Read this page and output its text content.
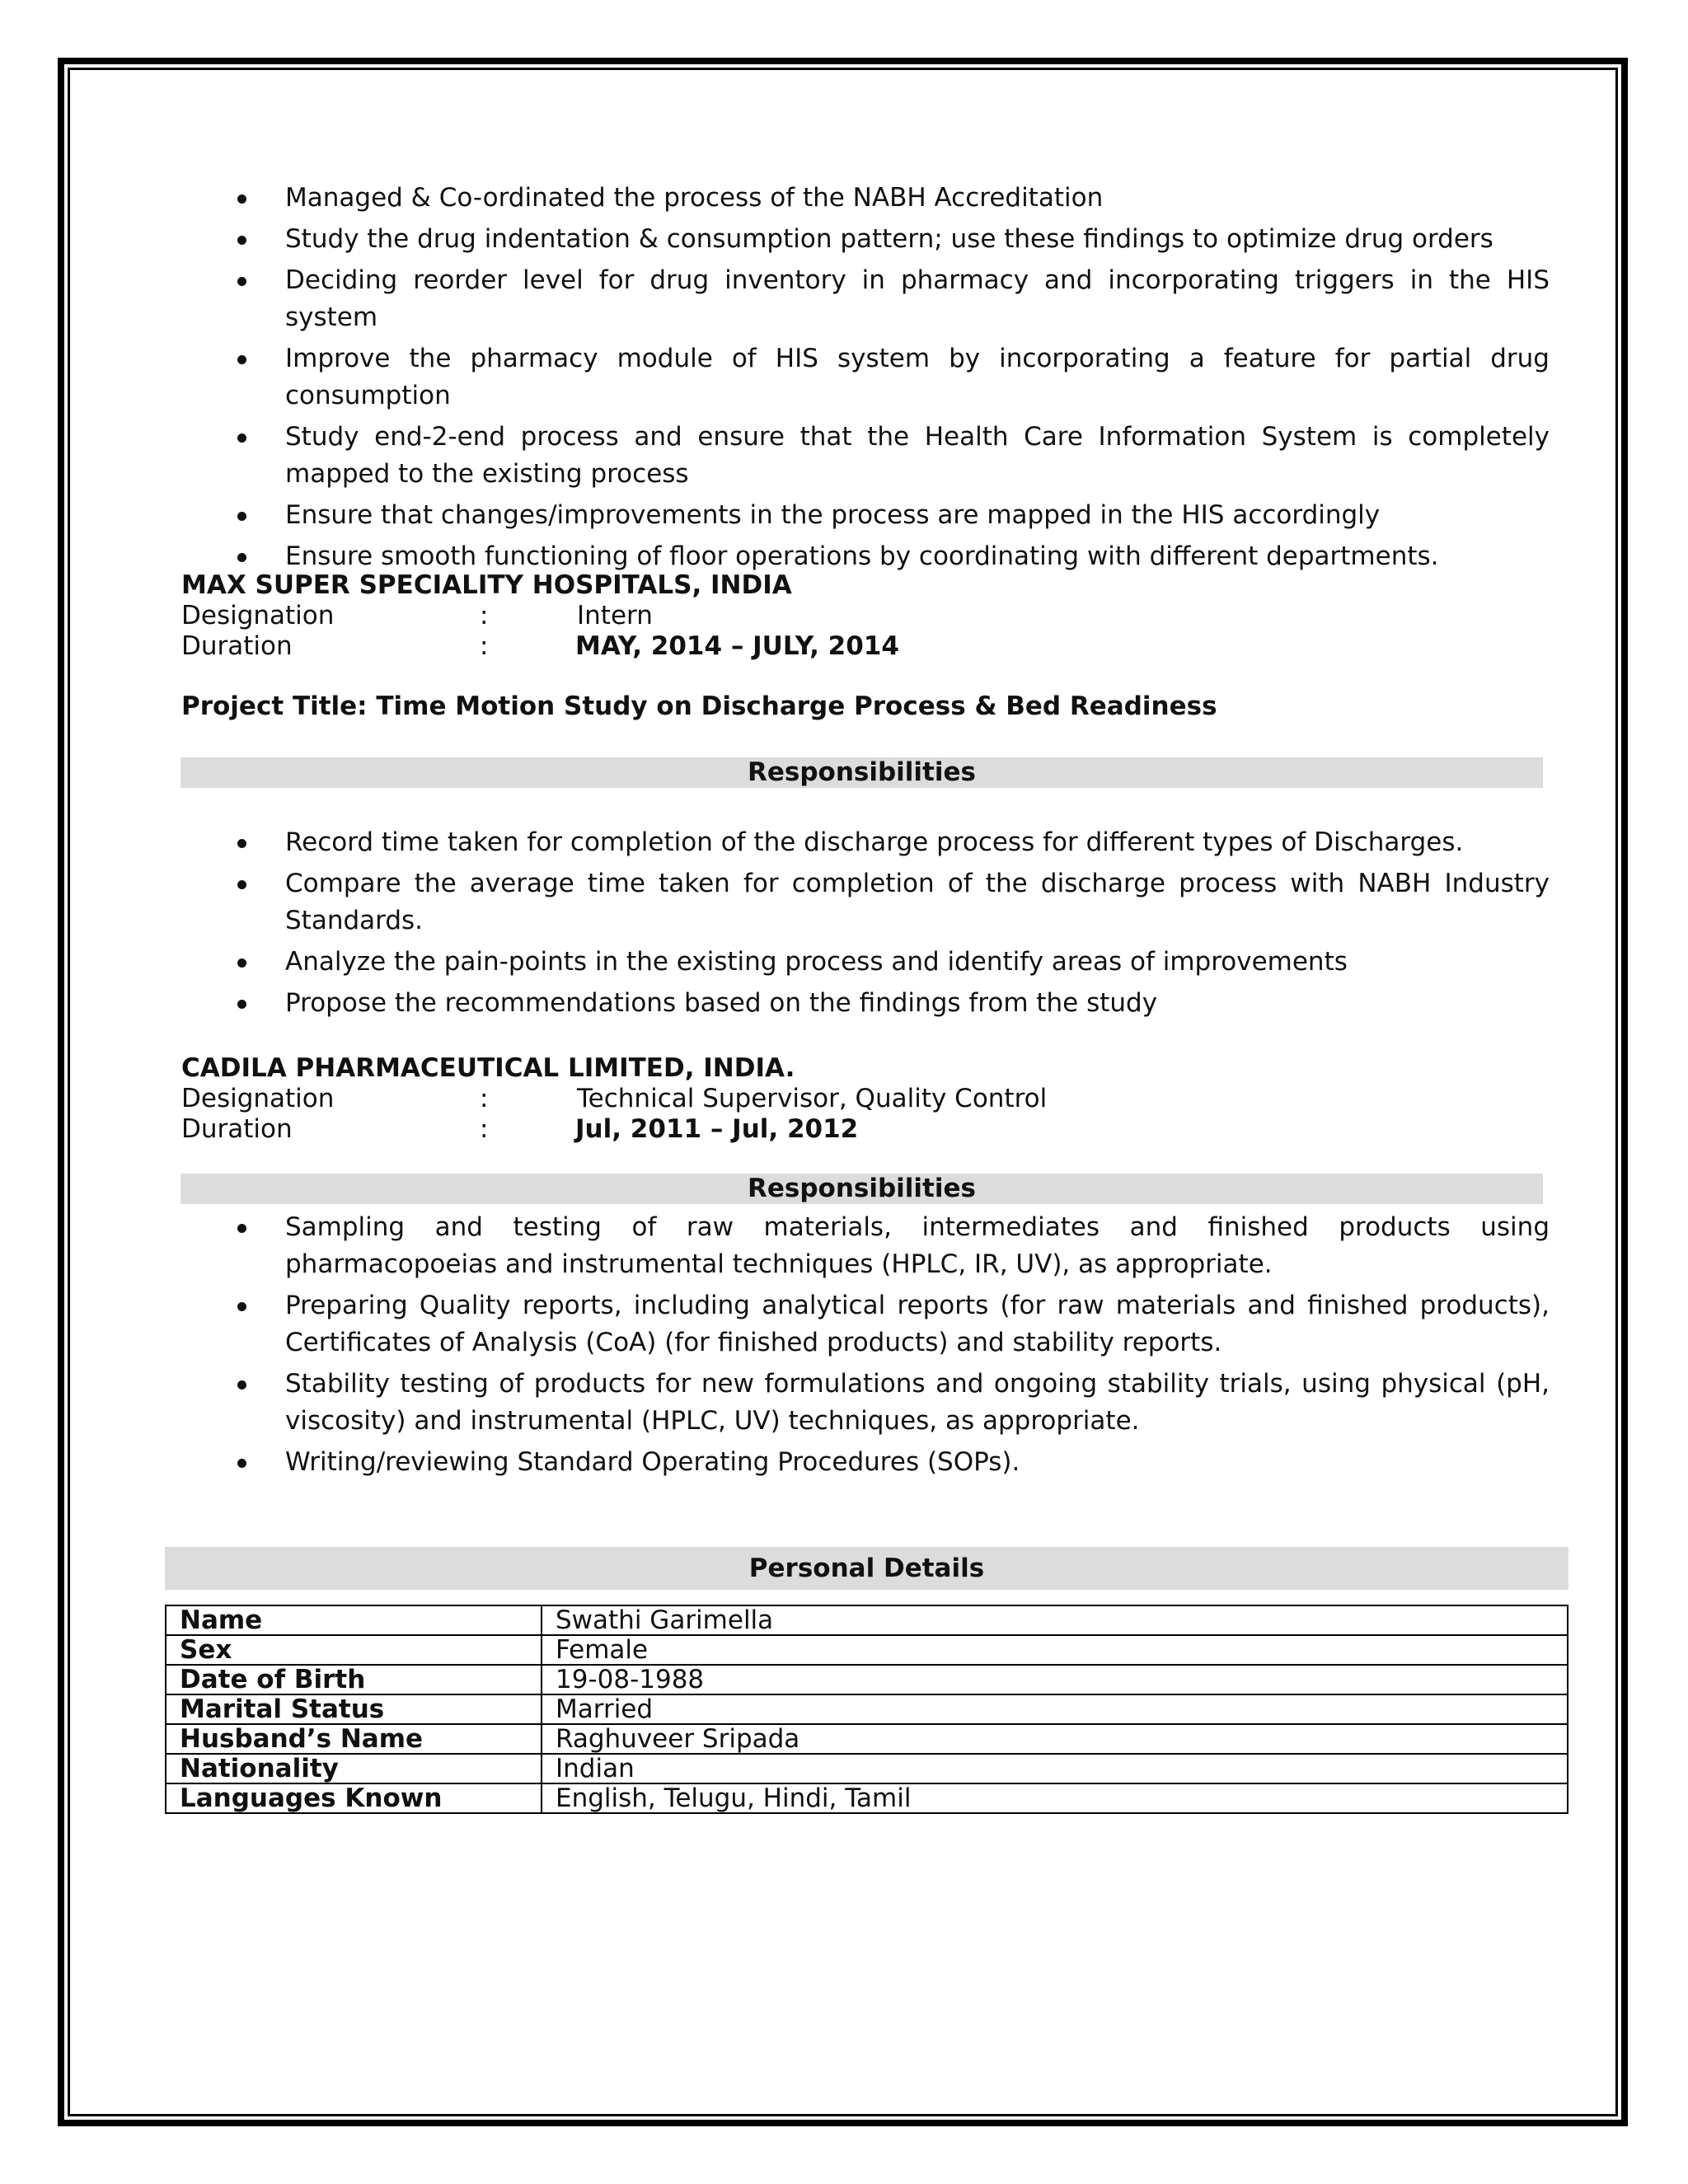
Managed & Co-ordinated the process of the NABH Accreditation
Study the drug indentation & consumption pattern; use these findings to optimize drug orders
Deciding reorder level for drug inventory in pharmacy and incorporating triggers in the HIS system
Improve the pharmacy module of HIS system by incorporating a feature for partial drug consumption
Study end-2-end process and ensure that the Health Care Information System is completely mapped to the existing process
Ensure that changes/improvements in the process are mapped in the HIS accordingly
Ensure smooth functioning of floor operations by coordinating with different departments.
MAX SUPER SPECIALITY HOSPITALS, INDIA
Designation	:	Intern
Duration	:	MAY, 2014 – JULY, 2014
Project Title: Time Motion Study on Discharge Process & Bed Readiness
Responsibilities
Record time taken for completion of the discharge process for different types of Discharges.
Compare the average time taken for completion of the discharge process with NABH Industry Standards.
Analyze the pain-points in the existing process and identify areas of improvements
Propose the recommendations based on the findings from the study
CADILA PHARMACEUTICAL LIMITED, INDIA.
Designation	:	Technical Supervisor, Quality Control
Duration	:	Jul, 2011 – Jul, 2012
Responsibilities
Sampling and testing of raw materials, intermediates and finished products using pharmacopoeias and instrumental techniques (HPLC, IR, UV), as appropriate.
Preparing Quality reports, including analytical reports (for raw materials and finished products), Certificates of Analysis (CoA) (for finished products) and stability reports.
Stability testing of products for new formulations and ongoing stability trials, using physical (pH, viscosity) and instrumental (HPLC, UV) techniques, as appropriate.
Writing/reviewing Standard Operating Procedures (SOPs).
Personal Details
Name	Swathi Garimella
Sex	Female
Date of Birth	19-08-1988
Marital Status	Married
Husband’s Name	Raghuveer Sripada
Nationality	Indian
Languages Known	English, Telugu, Hindi, Tamil
